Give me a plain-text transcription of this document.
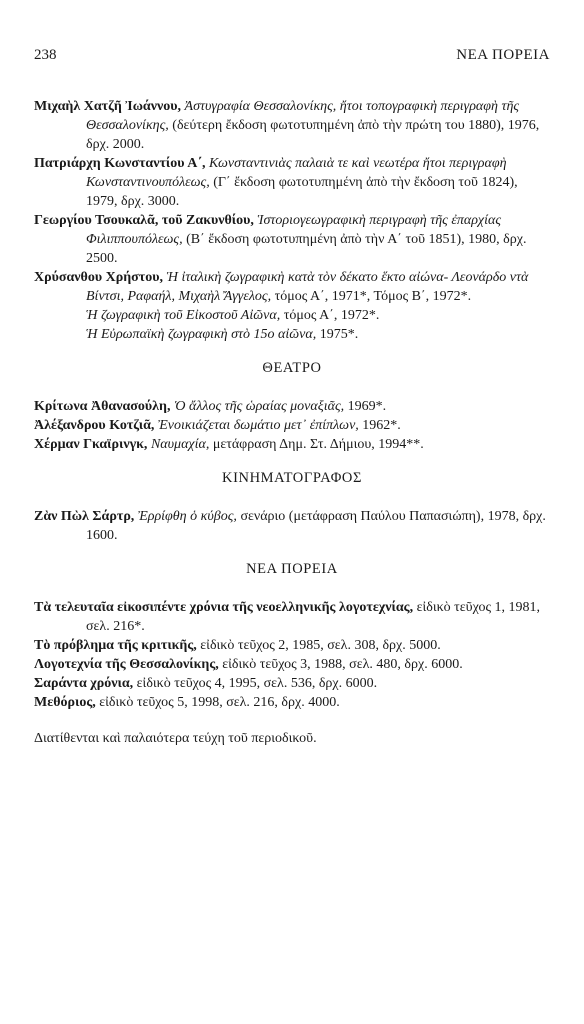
238	ΝΕΑ ΠΟΡΕΙΑ

Μιχαὴλ Χατζῆ Ἰωάννου, Ἀστυγραφία Θεσσαλονίκης, ἤτοι τοπογραφικὴ περιγραφὴ τῆς Θεσσαλονίκης, (δεύτερη ἔκδοση φωτοτυπημένη ἀπὸ τὴν πρώτη του 1880), 1976, δρχ. 2000.

Πατριάρχη Κωνσταντίου Α΄, Κωνσταντινιὰς παλαιὰ τε καὶ νεωτέρα ἤτοι περιγραφὴ Κωνσταντινουπόλεως, (Γ΄ ἔκδοση φωτοτυπημένη ἀπὸ τὴν ἔκδοση τοῦ 1824), 1979, δρχ. 3000.

Γεωργίου Τσουκαλᾶ, τοῦ Ζακυνθίου, Ἱστοριογεωγραφικὴ περιγραφὴ τῆς ἐπαρχίας Φιλιππουπόλεως, (Β΄ ἔκδοση φωτοτυπημένη ἀπὸ τὴν Α΄ τοῦ 1851), 1980, δρχ. 2500.

Χρύσανθου Χρήστου, Ἡ ἰταλικὴ ζωγραφικὴ κατὰ τὸν δέκατο ἕκτο αἰώνα- Λεονάρδο ντὰ Βίντσι, Ραφαήλ, Μιχαὴλ Ἄγγελος, τόμος Α΄, 1971*, Τόμος Β΄, 1972*.

Ἡ ζωγραφικὴ τοῦ Εἰκοστοῦ Αἰῶνα, τόμος Α΄, 1972*.

Ἡ Εὐρωπαϊκὴ ζωγραφικὴ στὸ 15ο αἰῶνα, 1975*.

ΘΕΑΤΡΟ

Κρίτωνα Ἀθανασούλη, Ὁ ἄλλος τῆς ὡραίας μοναξιᾶς, 1969*.

Ἀλέξανδρου Κοτζιᾶ, Ἐνοικιάζεται δωμάτιο μετ᾽ ἐπίπλων, 1962*.

Χέρμαν Γκαϊρινγκ, Ναυμαχία, μετάφραση Δημ. Στ. Δήμιου, 1994**.

ΚΙΝΗΜΑΤΟΓΡΑΦΟΣ

Ζὰν Πὼλ Σάρτρ, Ἐρρίφθη ὁ κύβος, σενάριο (μετάφραση Παύλου Παπασιώπη), 1978, δρχ. 1600.

ΝΕΑ ΠΟΡΕΙΑ

Τὰ τελευταῖα εἰκοσιπέντε χρόνια τῆς νεοελληνικῆς λογοτεχνίας, εἰδικὸ τεῦχος 1, 1981, σελ. 216*.

Τὸ πρόβλημα τῆς κριτικῆς, εἰδικὸ τεῦχος 2, 1985, σελ. 308, δρχ. 5000.

Λογοτεχνία τῆς Θεσσαλονίκης, εἰδικὸ τεῦχος 3, 1988, σελ. 480, δρχ. 6000.

Σαράντα χρόνια, εἰδικὸ τεῦχος 4, 1995, σελ. 536, δρχ. 6000.

Μεθόριος, εἰδικὸ τεῦχος 5, 1998, σελ. 216, δρχ. 4000.

Διατίθενται καὶ παλαιότερα τεύχη τοῦ περιοδικοῦ.
